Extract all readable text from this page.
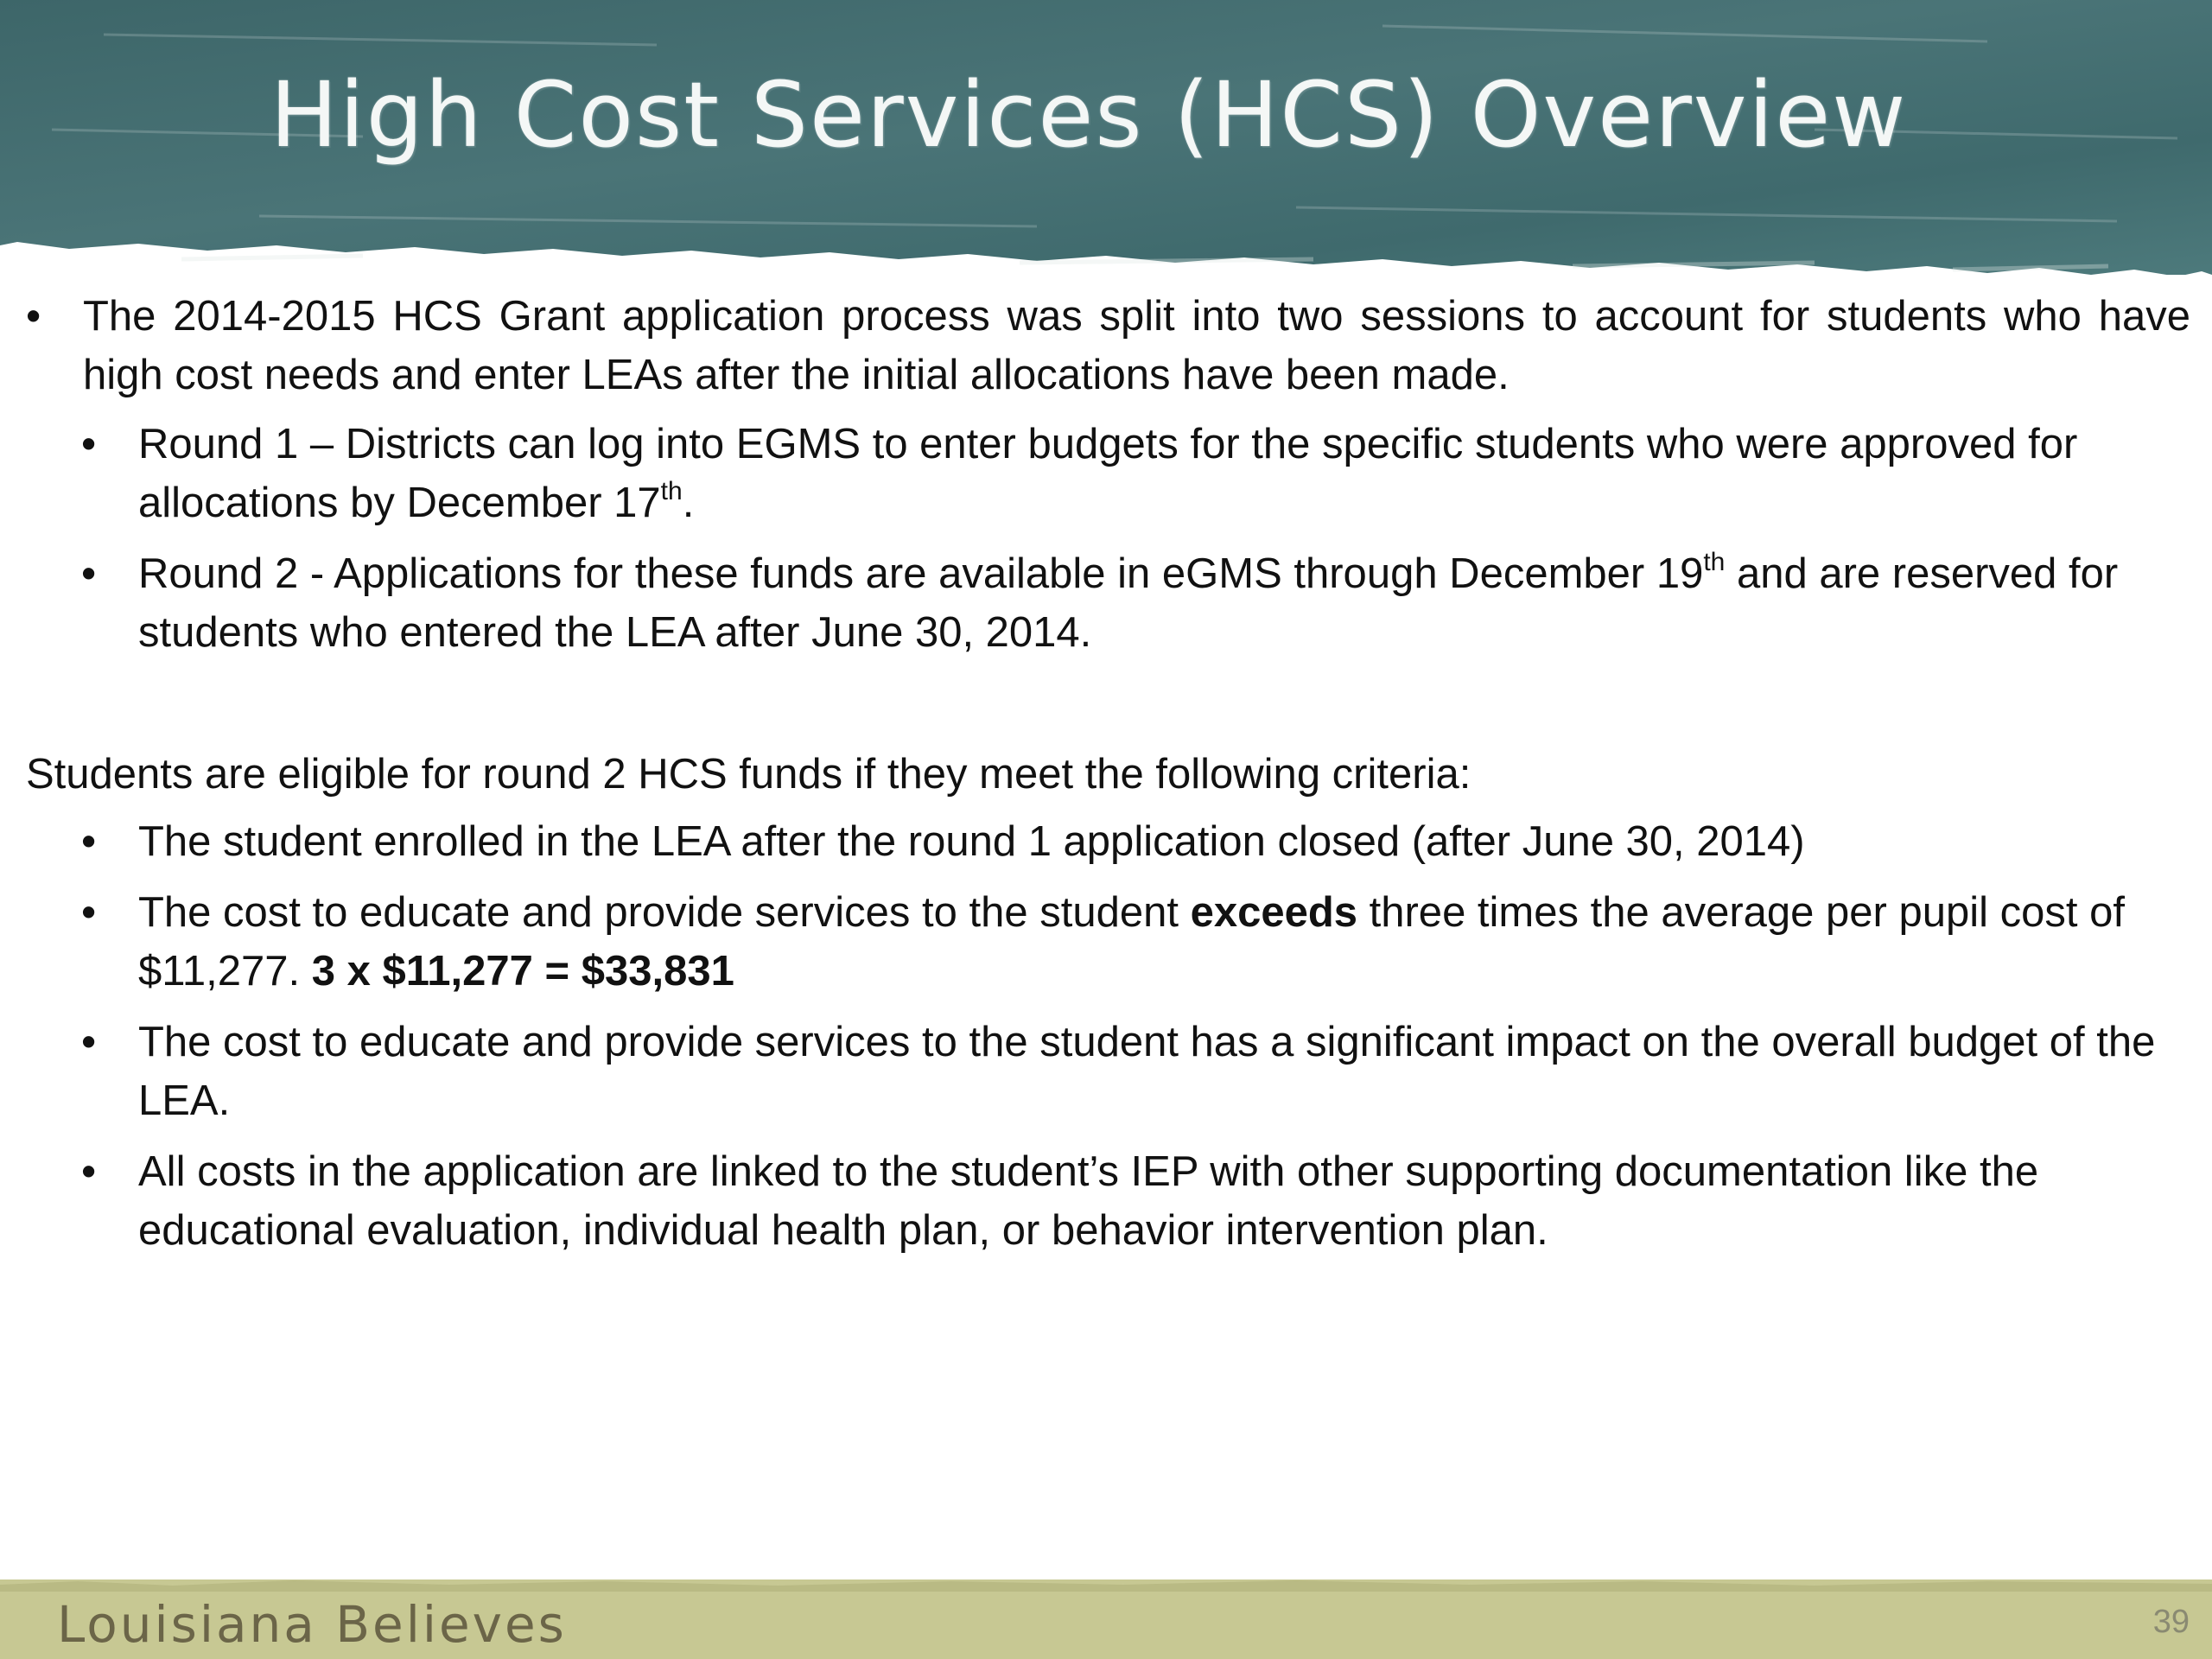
High Cost Services (HCS) Overview
• The 2014-2015 HCS Grant application process was split into two sessions to account for students who have high cost needs and enter LEAs after the initial allocations have been made.
• Round 1 – Districts can log into EGMS to enter budgets for the specific students who were approved for allocations by December 17th.
• Round 2 - Applications for these funds are available in eGMS through December 19th and are reserved for students who entered the LEA after June 30, 2014.
Students are eligible for round 2 HCS funds if they meet the following criteria:
• The student enrolled in the LEA after the round 1 application closed (after June 30, 2014)
• The cost to educate and provide services to the student exceeds three times the average per pupil cost of $11,277. 3 x $11,277 = $33,831
• The cost to educate and provide services to the student has a significant impact on the overall budget of the LEA.
• All costs in the application are linked to the student’s IEP with other supporting documentation like the educational evaluation, individual health plan, or behavior intervention plan.
Louisiana Believes	39
